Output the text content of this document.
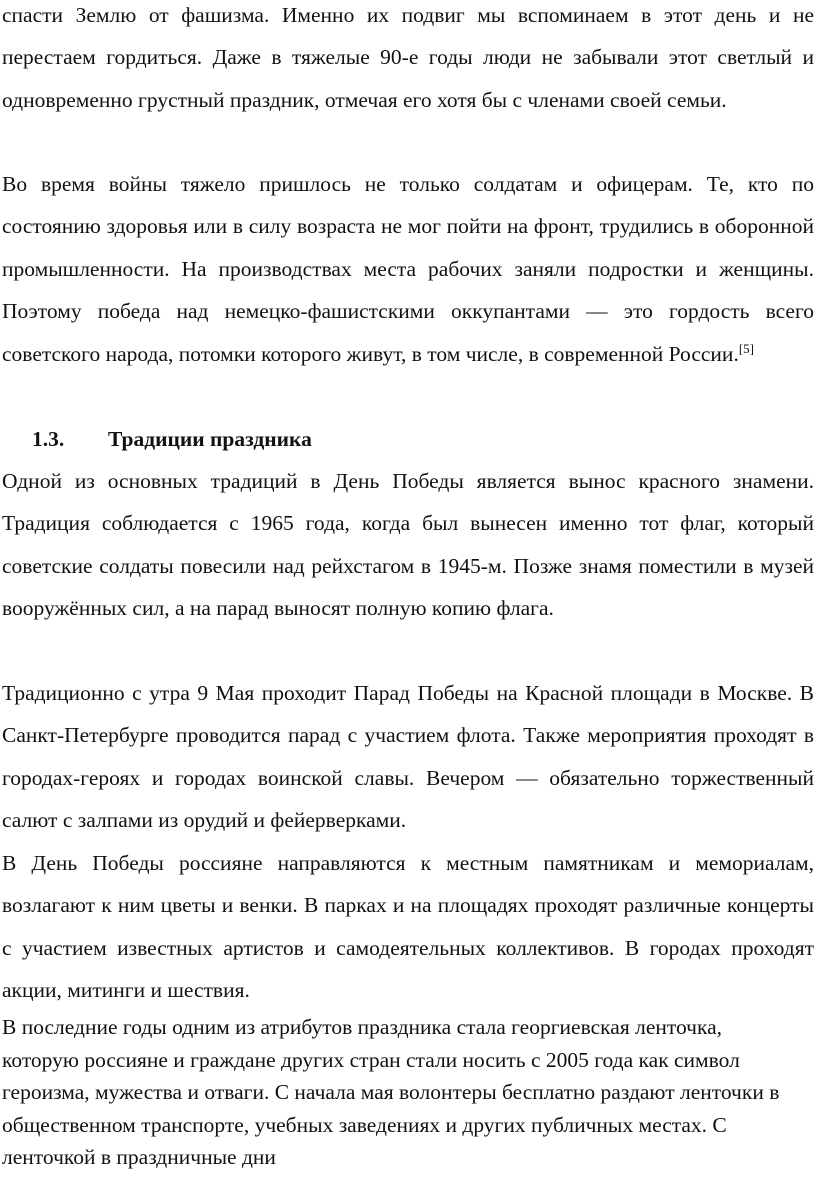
спасти Землю от фашизма. Именно их подвиг мы вспоминаем в этот день и не перестаем гордиться. Даже в тяжелые 90-е годы люди не забывали этот светлый и одновременно грустный праздник, отмечая его хотя бы с членами своей семьи.

Во время войны тяжело пришлось не только солдатам и офицерам. Те, кто по состоянию здоровья или в силу возраста не мог пойти на фронт, трудились в оборонной промышленности. На производствах места рабочих заняли подростки и женщины. Поэтому победа над немецко-фашистскими оккупантами — это гордость всего советского народа, потомки которого живут, в том числе, в современной России.[5]

1.3. Традиции праздника

Одной из основных традиций в День Победы является вынос красного знамени. Традиция соблюдается с 1965 года, когда был вынесен именно тот флаг, который советские солдаты повесили над рейхстагом в 1945-м. Позже знамя поместили в музей вооружённых сил, а на парад выносят полную копию флага.

Традиционно с утра 9 Мая проходит Парад Победы на Красной площади в Москве. В Санкт-Петербурге проводится парад с участием флота. Также мероприятия проходят в городах-героях и городах воинской славы. Вечером — обязательно торжественный салют с залпами из орудий и фейерверками.

В День Победы россияне направляются к местным памятникам и мемориалам, возлагают к ним цветы и венки. В парках и на площадях проходят различные концерты с участием известных артистов и самодеятельных коллективов. В городах проходят акции, митинги и шествия.

В последние годы одним из атрибутов праздника стала георгиевская ленточка, которую россияне и граждане других стран стали носить с 2005 года как символ героизма, мужества и отваги. С начала мая волонтеры бесплатно раздают ленточки в общественном транспорте, учебных заведениях и других публичных местах. С ленточкой в праздничные дни
